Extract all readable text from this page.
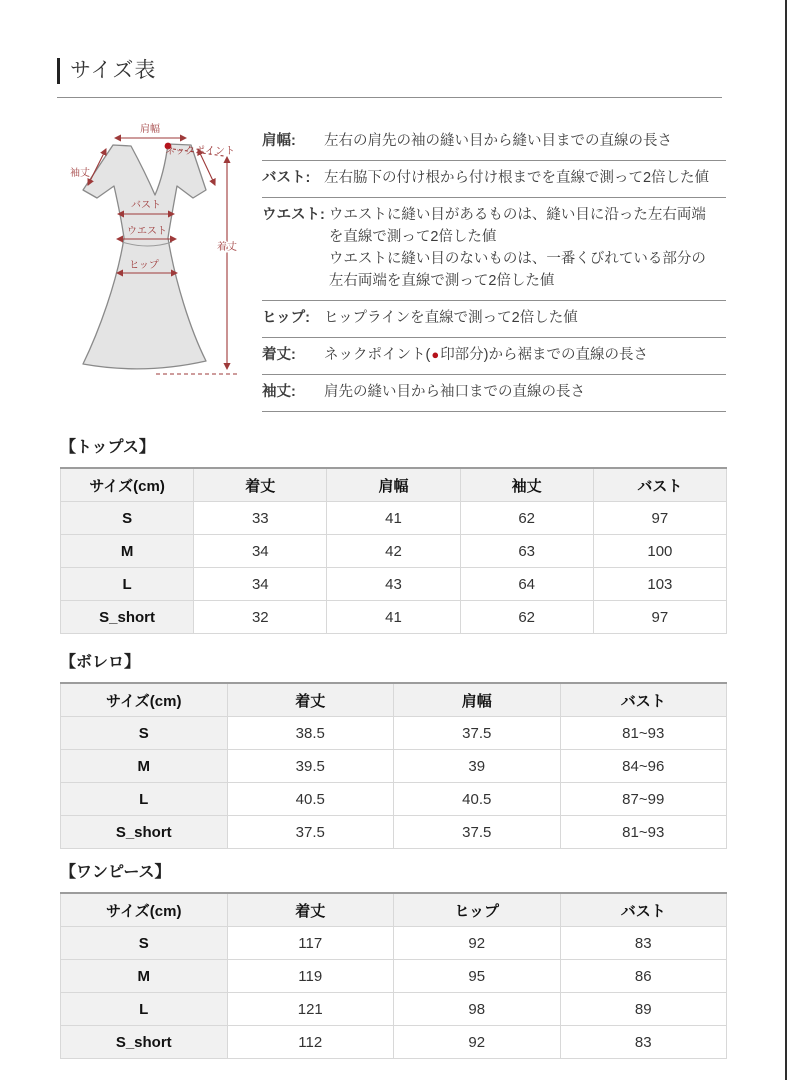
サイズ表
肩幅
ネックポイント
袖丈
バスト
ウエスト
ヒップ
着丈
肩幅:	左右の肩先の袖の縫い目から縫い目までの直線の長さ
バスト: 左右脇下の付け根から付け根までを直線で測って2倍した値
ウエスト: ウエストに縫い目があるものは、縫い目に沿った左右両端
を直線で測って2倍した値
ウエストに縫い目のないものは、一番くびれている部分の
左右両端を直線で測って2倍した値
ヒップ: ヒップラインを直線で測って2倍した値
着丈:	ネックポイント(●印部分)から裾までの直線の長さ
袖丈:	肩先の縫い目から袖口までの直線の長さ
【トップス】
サイズ(cm)	着丈	肩幅	袖丈	バスト
S	33	41	62	97
M	34	42	63	100
L	34	43	64	103
S_short	32	41	62	97
【ボレロ】
サイズ(cm)	着丈	肩幅	バスト
S	38.5	37.5	81~93
M	39.5	39	84~96
L	40.5	40.5	87~99
S_short	37.5	37.5	81~93
【ワンピース】
サイズ(cm)	着丈	ヒップ	バスト
S	117	92	83
M	119	95	86
L	121	98	89
S_short	112	92	83
